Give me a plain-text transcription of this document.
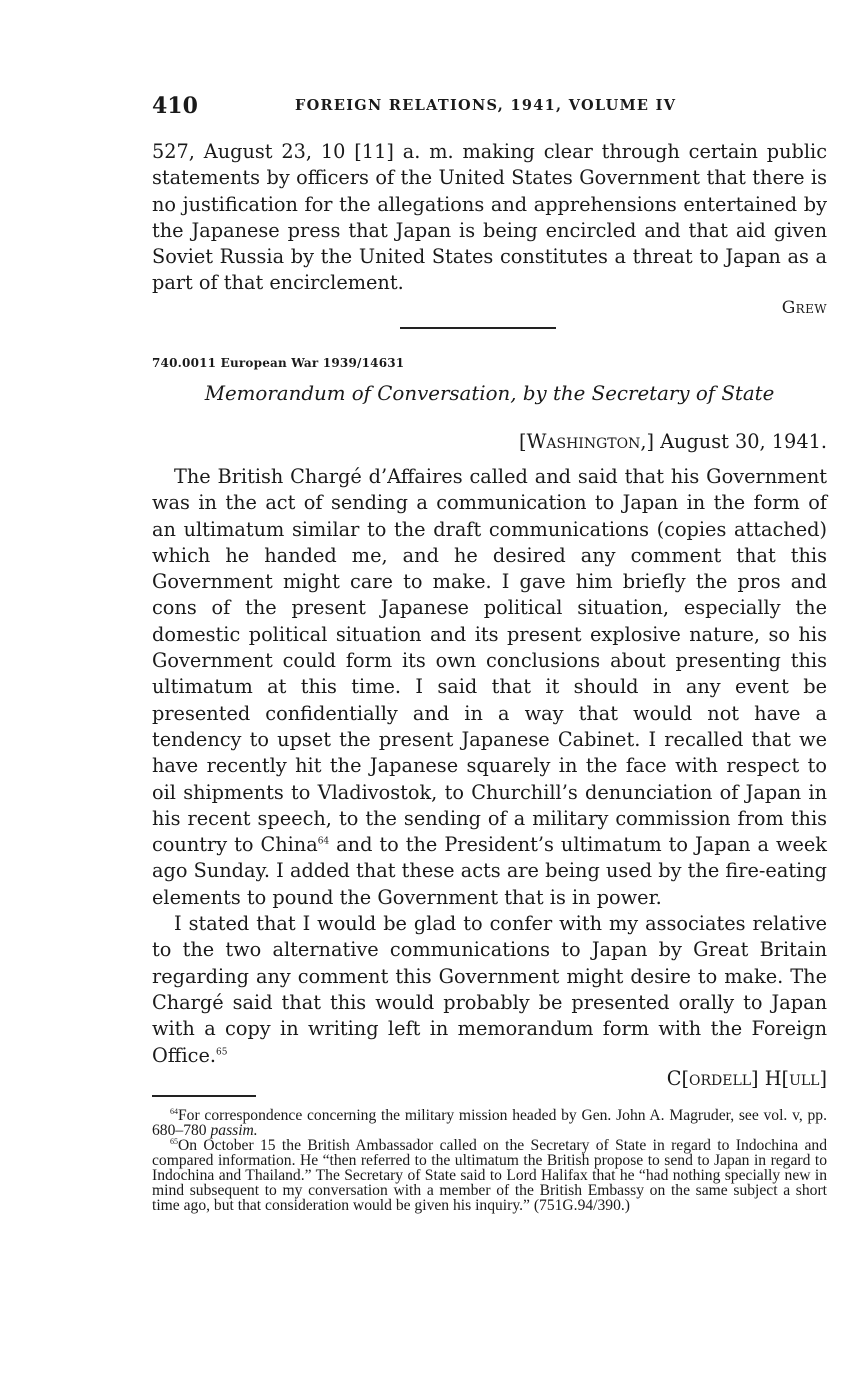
410	FOREIGN RELATIONS, 1941, VOLUME IV

527, August 23, 10 [11] a. m. making clear through certain public statements by officers of the United States Government that there is no justification for the allegations and apprehensions entertained by the Japanese press that Japan is being encircled and that aid given Soviet Russia by the United States constitutes a threat to Japan as a part of that encirclement.

Grew
740.0011 European War 1939/14631
Memorandum of Conversation, by the Secretary of State
[Washington,] August 30, 1941.

The British Chargé d’Affaires called and said that his Government was in the act of sending a communication to Japan in the form of an ultimatum similar to the draft communications (copies attached) which he handed me, and he desired any comment that this Government might care to make. I gave him briefly the pros and cons of the present Japanese political situation, especially the domestic political situation and its present explosive nature, so his Government could form its own conclusions about presenting this ultimatum at this time. I said that it should in any event be presented confidentially and in a way that would not have a tendency to upset the present Japanese Cabinet. I recalled that we have recently hit the Japanese squarely in the face with respect to oil shipments to Vladivostok, to Churchill’s denunciation of Japan in his recent speech, to the sending of a military commission from this country to China$^{64}$ and to the President’s ultimatum to Japan a week ago Sunday. I added that these acts are being used by the fire-eating elements to pound the Government that is in power.

I stated that I would be glad to confer with my associates relative to the two alternative communications to Japan by Great Britain regarding any comment this Government might desire to make. The Chargé said that this would probably be presented orally to Japan with a copy in writing left in memorandum form with the Foreign Office.$^{65}$

C[ordell] H[ull]

$^{64}$For correspondence concerning the military mission headed by Gen. John A. Magruder, see vol. v, pp. 680–780 passim.

$^{65}$On October 15 the British Ambassador called on the Secretary of State in regard to Indochina and compared information. He “then referred to the ultimatum the British propose to send to Japan in regard to Indochina and Thailand.” The Secretary of State said to Lord Halifax that he “had nothing specially new in mind subsequent to my conversation with a member of the British Embassy on the same subject a short time ago, but that consideration would be given his inquiry.” (751G.94/390.)
